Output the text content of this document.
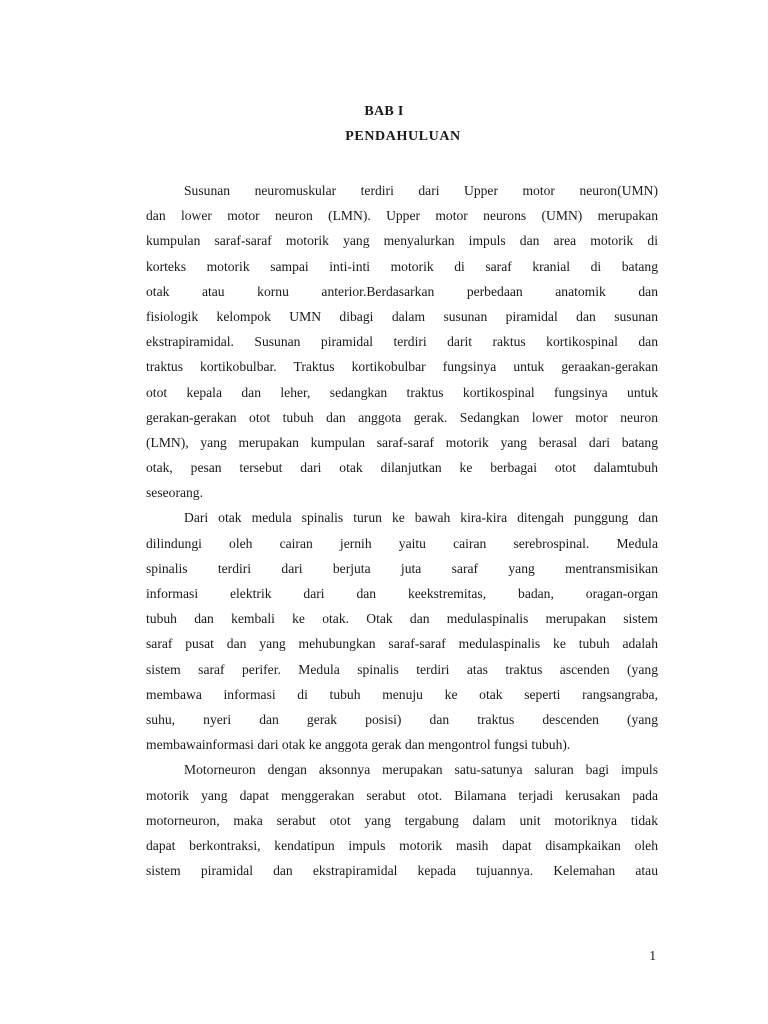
BAB I
PENDAHULUAN
Susunan neuromuskular terdiri dari Upper motor neuron(UMN)
dan lower motor neuron (LMN). Upper motor neurons (UMN) merupakan
kumpulan saraf-saraf motorik yang menyalurkan impuls dan area motorik di
korteks motorik sampai inti-inti motorik di saraf kranial di batang
otak atau kornu anterior.Berdasarkan perbedaan anatomik dan
fisiologik kelompok UMN dibagi dalam susunan piramidal dan susunan
ekstrapiramidal. Susunan piramidal terdiri darit raktus kortikospinal dan
traktus kortikobulbar. Traktus kortikobulbar fungsinya untuk geraakan-gerakan
otot kepala dan leher, sedangkan traktus kortikospinal fungsinya untuk
gerakan-gerakan otot tubuh dan anggota gerak. Sedangkan lower motor neuron
(LMN), yang merupakan kumpulan saraf-saraf motorik yang berasal dari batang
otak, pesan tersebut dari otak dilanjutkan ke berbagai otot dalamtubuh
seseorang.
Dari otak medula spinalis turun ke bawah kira-kira ditengah punggung dan
dilindungi oleh cairan jernih yaitu cairan serebrospinal. Medula
spinalis terdiri dari berjuta juta saraf yang mentransmisikan
informasi elektrik dari dan keekstremitas, badan, oragan-organ
tubuh dan kembali ke otak. Otak dan medulaspinalis merupakan sistem
saraf pusat dan yang mehubungkan saraf-saraf medulaspinalis ke tubuh adalah
sistem saraf perifer. Medula spinalis terdiri atas traktus ascenden (yang
membawa informasi di tubuh menuju ke otak seperti rangsangraba,
suhu, nyeri dan gerak posisi) dan traktus descenden (yang
membawainformasi dari otak ke anggota gerak dan mengontrol fungsi tubuh).
Motorneuron dengan aksonnya merupakan satu-satunya saluran bagi impuls
motorik yang dapat menggerakan serabut otot. Bilamana terjadi kerusakan pada
motorneuron, maka serabut otot yang tergabung dalam unit motoriknya tidak
dapat berkontraksi, kendatipun impuls motorik masih dapat disampkaikan oleh
sistem piramidal dan ekstrapiramidal kepada tujuannya. Kelemahan atau
1
